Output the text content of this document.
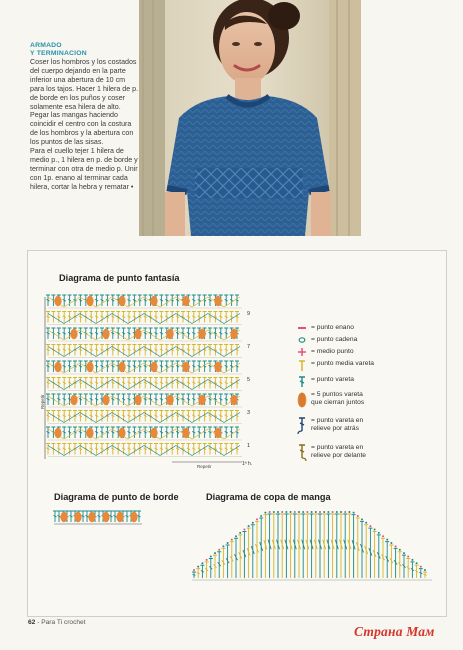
ARMADO
Y TERMINACION

Coser los hombros y los costados del cuerpo dejando en la parte inferior una abertura de 10 cm para los tajos. Hacer 1 hilera de p. de borde en los puños y coser solamente esa hilera de alto.

Pegar las mangas haciendo coincidir el centro con la costura de los hombros y la abertura con los puntos de las sisas.

Para el cuello tejer 1 hilera de medio p., 1 hilera en p. de borde y terminar con otra de medio p. Unir con 1p. enano al terminar cada hilera, cortar la hebra y rematar •

Diagrama de punto fantasía
9
7
5
3
1
1ª h.
Repetir
Repetir
Diagrama de punto de borde	Diagrama de copa de manga
= punto enano
= punto cadena
= medio punto
= punto media vareta
= punto vareta
= 5 puntos vareta
que cierran juntos
= punto vareta en
relieve por atrás
= punto vareta en
relieve por delante
62 - Para Ti crochet
Страна Мам
